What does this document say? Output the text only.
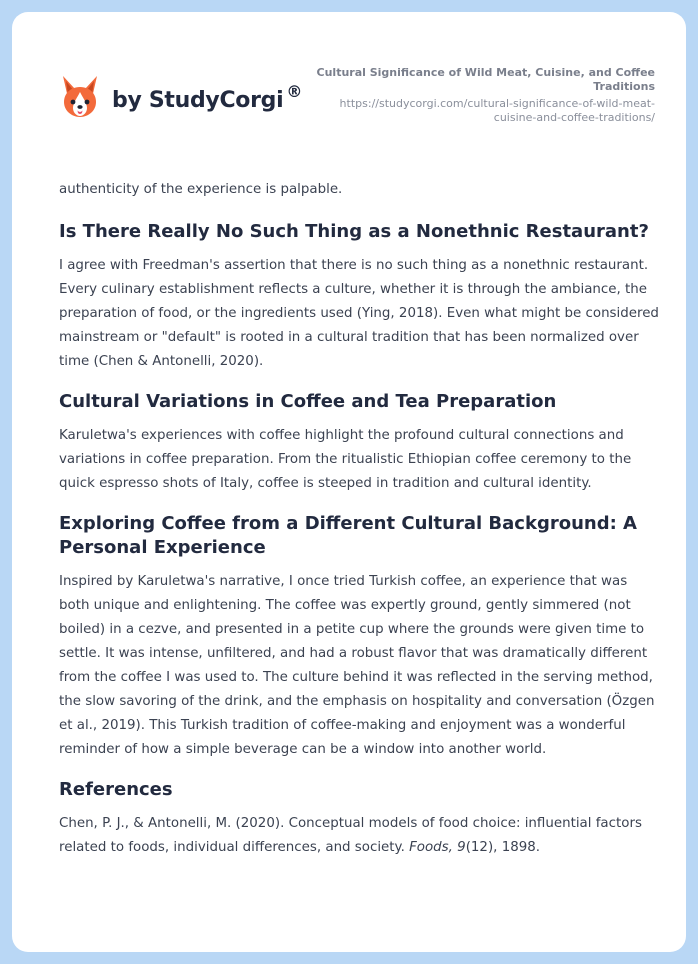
by StudyCorgi ®
Cultural Significance of Wild Meat, Cuisine, and Coffee Traditions
https://studycorgi.com/cultural-significance-of-wild-meat-cuisine-and-coffee-traditions/

authenticity of the experience is palpable.

Is There Really No Such Thing as a Nonethnic Restaurant?

I agree with Freedman's assertion that there is no such thing as a nonethnic restaurant. Every culinary establishment reflects a culture, whether it is through the ambiance, the preparation of food, or the ingredients used (Ying, 2018). Even what might be considered mainstream or "default" is rooted in a cultural tradition that has been normalized over time (Chen & Antonelli, 2020).

Cultural Variations in Coffee and Tea Preparation

Karuletwa's experiences with coffee highlight the profound cultural connections and variations in coffee preparation. From the ritualistic Ethiopian coffee ceremony to the quick espresso shots of Italy, coffee is steeped in tradition and cultural identity.

Exploring Coffee from a Different Cultural Background: A Personal Experience

Inspired by Karuletwa's narrative, I once tried Turkish coffee, an experience that was both unique and enlightening. The coffee was expertly ground, gently simmered (not boiled) in a cezve, and presented in a petite cup where the grounds were given time to settle. It was intense, unfiltered, and had a robust flavor that was dramatically different from the coffee I was used to. The culture behind it was reflected in the serving method, the slow savoring of the drink, and the emphasis on hospitality and conversation (Özgen et al., 2019). This Turkish tradition of coffee-making and enjoyment was a wonderful reminder of how a simple beverage can be a window into another world.

References

Chen, P. J., & Antonelli, M. (2020). Conceptual models of food choice: influential factors related to foods, individual differences, and society. Foods, 9(12), 1898.
